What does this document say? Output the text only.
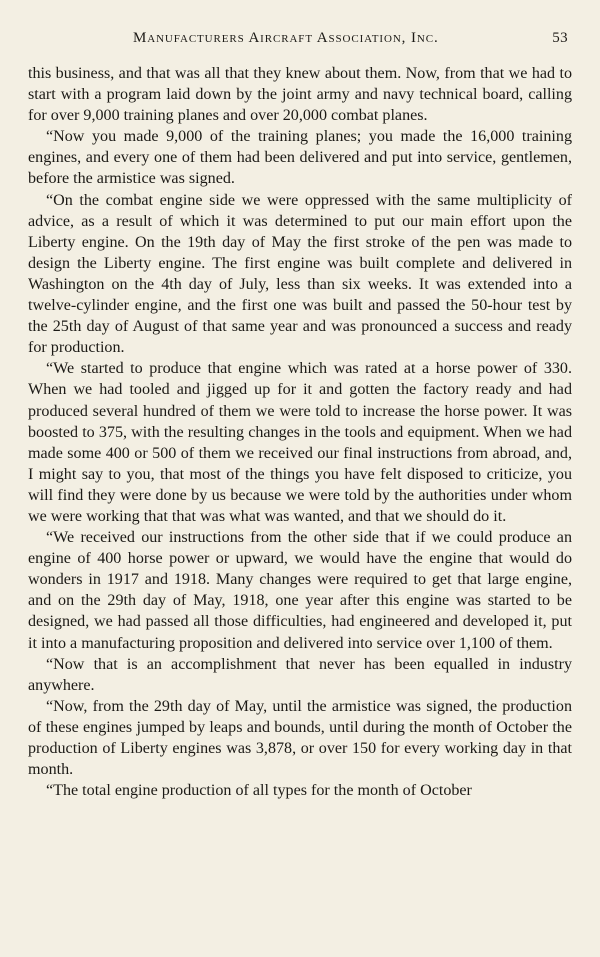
Manufacturers Aircraft Association, Inc.	53

this business, and that was all that they knew about them. Now, from that we had to start with a program laid down by the joint army and navy technical board, calling for over 9,000 training planes and over 20,000 combat planes.

“Now you made 9,000 of the training planes; you made the 16,000 training engines, and every one of them had been delivered and put into service, gentlemen, before the armistice was signed.

“On the combat engine side we were oppressed with the same multiplicity of advice, as a result of which it was determined to put our main effort upon the Liberty engine. On the 19th day of May the first stroke of the pen was made to design the Liberty engine. The first engine was built complete and delivered in Washington on the 4th day of July, less than six weeks. It was extended into a twelve-cylinder engine, and the first one was built and passed the 50-hour test by the 25th day of August of that same year and was pronounced a success and ready for production.

“We started to produce that engine which was rated at a horse power of 330. When we had tooled and jigged up for it and gotten the factory ready and had produced several hundred of them we were told to increase the horse power. It was boosted to 375, with the resulting changes in the tools and equipment. When we had made some 400 or 500 of them we received our final instructions from abroad, and, I might say to you, that most of the things you have felt disposed to criticize, you will find they were done by us because we were told by the authorities under whom we were working that that was what was wanted, and that we should do it.

“We received our instructions from the other side that if we could produce an engine of 400 horse power or upward, we would have the engine that would do wonders in 1917 and 1918. Many changes were required to get that large engine, and on the 29th day of May, 1918, one year after this engine was started to be designed, we had passed all those difficulties, had engineered and developed it, put it into a manufacturing proposition and delivered into service over 1,100 of them.

“Now that is an accomplishment that never has been equalled in industry anywhere.

“Now, from the 29th day of May, until the armistice was signed, the production of these engines jumped by leaps and bounds, until during the month of October the production of Liberty engines was 3,878, or over 150 for every working day in that month.

“The total engine production of all types for the month of October
